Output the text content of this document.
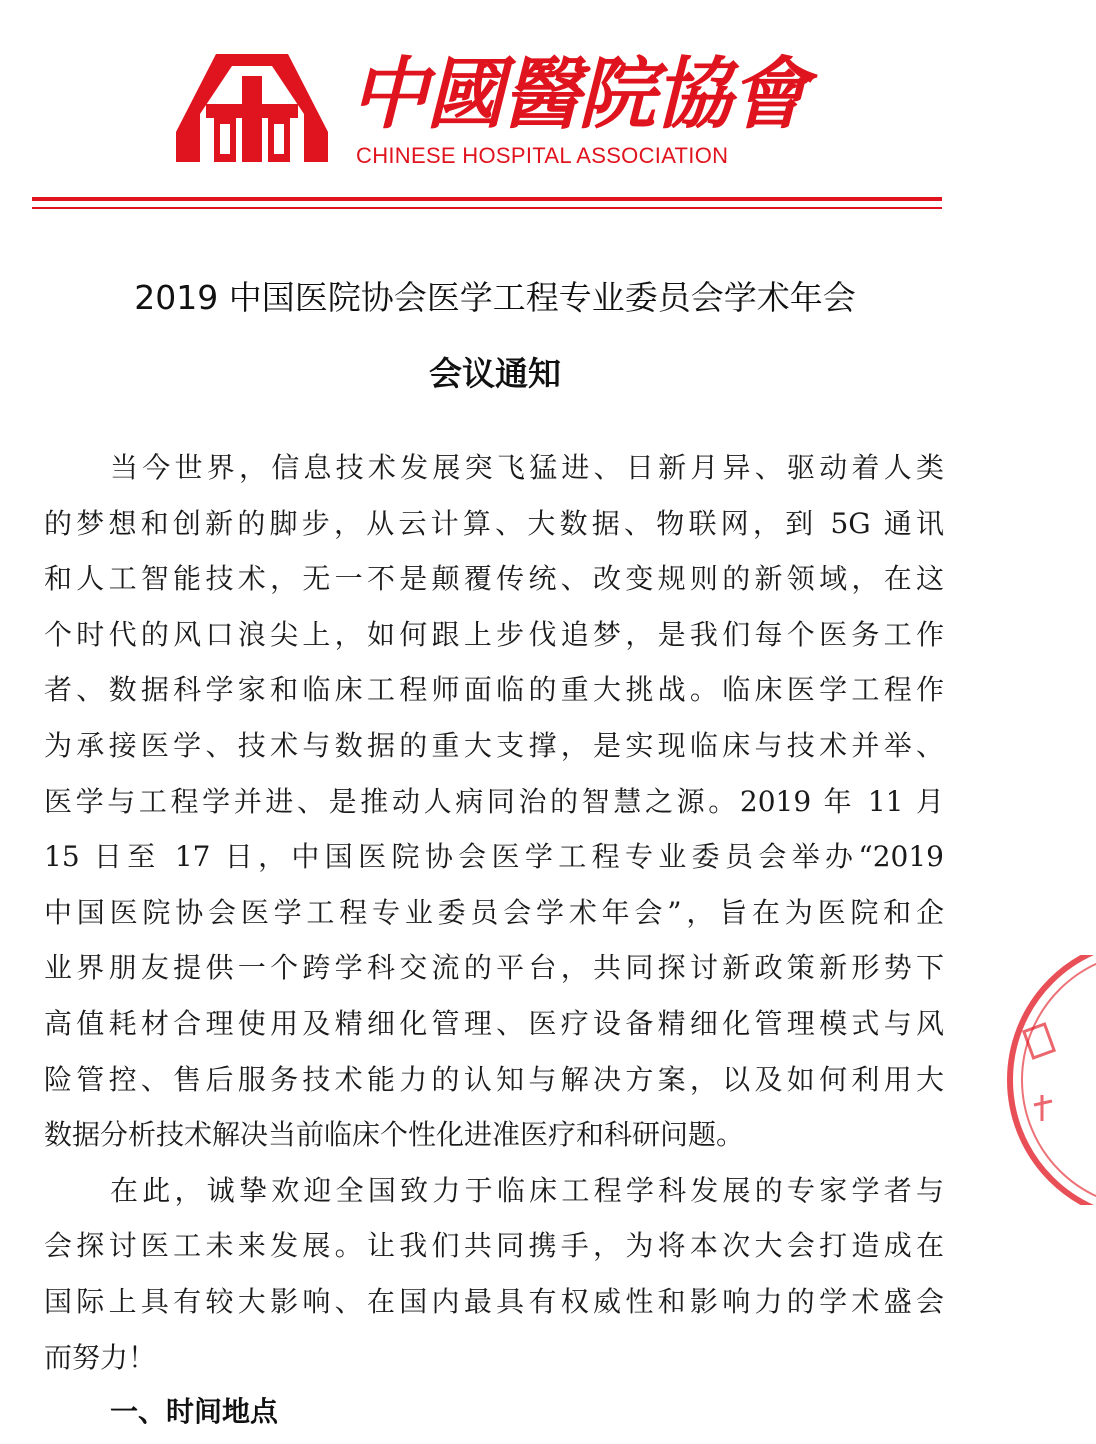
中國醫院協會
CHINESE HOSPITAL ASSOCIATION
2019 中国医院协会医学工程专业委员会学术年会
会议通知
当今世界，信息技术发展突飞猛进、日新月异、驱动着人类
的梦想和创新的脚步，从云计算、大数据、物联网，到 5G 通讯
和人工智能技术，无一不是颠覆传统、改变规则的新领域，在这
个时代的风口浪尖上，如何跟上步伐追梦，是我们每个医务工作
者、数据科学家和临床工程师面临的重大挑战。临床医学工程作
为承接医学、技术与数据的重大支撑，是实现临床与技术并举、
医学与工程学并进、是推动人病同治的智慧之源。2019 年 11 月
15 日至 17 日，中国医院协会医学工程专业委员会举办“2019
中国医院协会医学工程专业委员会学术年会”，旨在为医院和企
业界朋友提供一个跨学科交流的平台，共同探讨新政策新形势下
高值耗材合理使用及精细化管理、医疗设备精细化管理模式与风
险管控、售后服务技术能力的认知与解决方案，以及如何利用大
数据分析技术解决当前临床个性化进准医疗和科研问题。
在此，诚挚欢迎全国致力于临床工程学科发展的专家学者与
会探讨医工未来发展。让我们共同携手，为将本次大会打造成在
国际上具有较大影响、在国内最具有权威性和影响力的学术盛会
而努力！
一、时间地点
